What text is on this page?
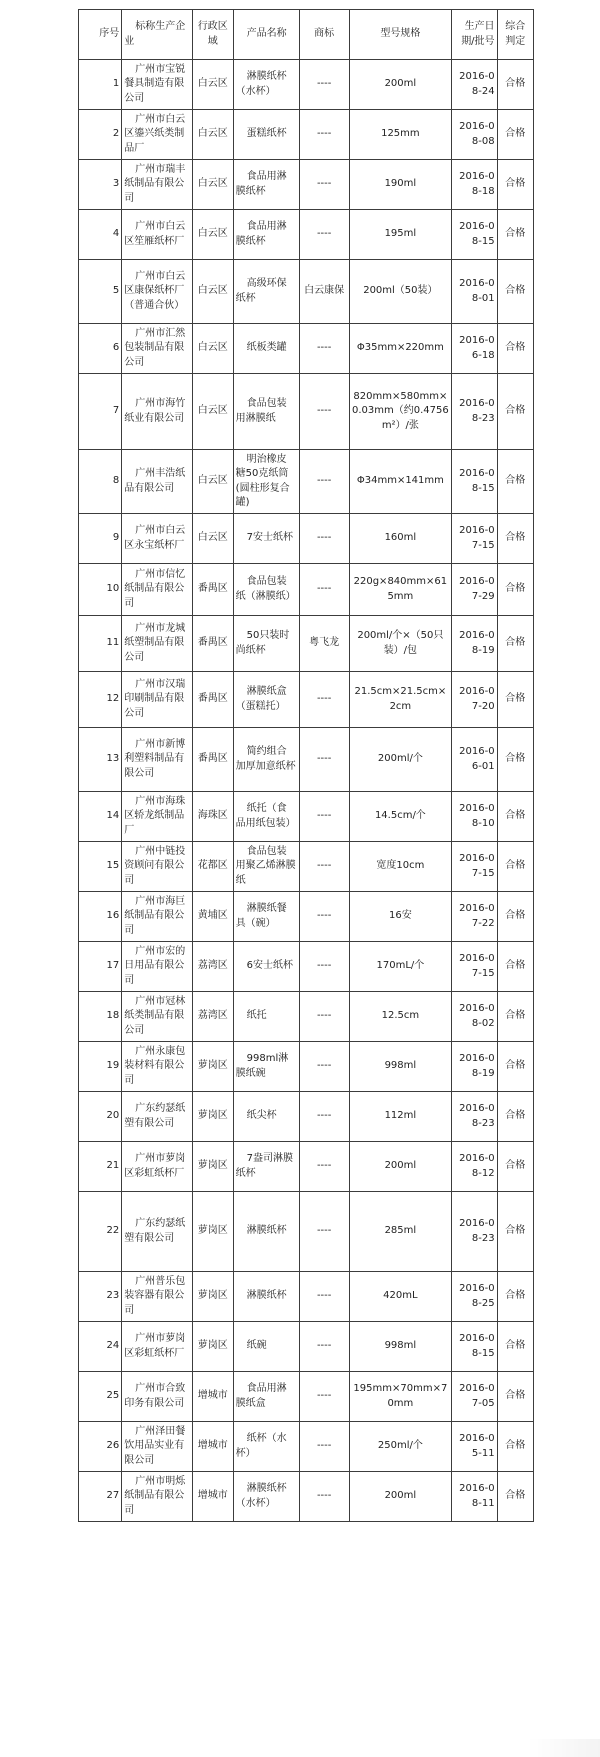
序号	标称生产企业	行政区域	产品名称	商标	型号规格	生产日期/批号	综合判定
1	广州市宝锐餐具制造有限公司	白云区	淋膜纸杯（水杯）	----	200ml	2016-08-24	合格
2	广州市白云区鎏兴纸类制品厂	白云区	蛋糕纸杯	----	125mm	2016-08-08	合格
3	广州市瑞丰纸制品有限公司	白云区	食品用淋膜纸杯	----	190ml	2016-08-18	合格
4	广州市白云区笙雁纸杯厂	白云区	食品用淋膜纸杯	----	195ml	2016-08-15	合格
5	广州市白云区康保纸杯厂（普通合伙）	白云区	高级环保纸杯	白云康保	200ml（50装）	2016-08-01	合格
6	广州市汇然包装制品有限公司	白云区	纸板类罐	----	Φ35mm×220mm	2016-06-18	合格
7	广州市海竹纸业有限公司	白云区	食品包装用淋膜纸	----	820mm×580mm×0.03mm（约0.4756m²）/张	2016-08-23	合格
8	广州丰浩纸品有限公司	白云区	明治橡皮糖50克纸筒(圆柱形复合罐)	----	Φ34mm×141mm	2016-08-15	合格
9	广州市白云区永宝纸杯厂	白云区	7安士纸杯	----	160ml	2016-07-15	合格
10	广州市信忆纸制品有限公司	番禺区	食品包装纸（淋膜纸）	----	220g×840mm×615mm	2016-07-29	合格
11	广州市龙城纸塑制品有限公司	番禺区	50只装时尚纸杯	粤飞龙	200ml/个×（50只装）/包	2016-08-19	合格
12	广州市汉瑞印刷制品有限公司	番禺区	淋膜纸盒（蛋糕托）	----	21.5cm×21.5cm×2cm	2016-07-20	合格
13	广州市新博利塑料制品有限公司	番禺区	简约组合加厚加意纸杯	----	200ml/个	2016-06-01	合格
14	广州市海珠区轿龙纸制品厂	海珠区	纸托（食品用纸包装）	----	14.5cm/个	2016-08-10	合格
15	广州中链投资顾问有限公司	花都区	食品包装用聚乙烯淋膜纸	----	宽度10cm	2016-07-15	合格
16	广州市海巨纸制品有限公司	黄埔区	淋膜纸餐具（碗）	----	16安	2016-07-22	合格
17	广州市宏的日用品有限公司	荔湾区	6安士纸杯	----	170mL/个	2016-07-15	合格
18	广州市冠林纸类制品有限公司	荔湾区	纸托	----	12.5cm	2016-08-02	合格
19	广州永康包装材料有限公司	萝岗区	998ml淋膜纸碗	----	998ml	2016-08-19	合格
20	广东约瑟纸塑有限公司	萝岗区	纸尖杯	----	112ml	2016-08-23	合格
21	广州市萝岗区彩虹纸杯厂	萝岗区	7盎司淋膜纸杯	----	200ml	2016-08-12	合格
22	广东约瑟纸塑有限公司	萝岗区	淋膜纸杯	----	285ml	2016-08-23	合格
23	广州普乐包装容器有限公司	萝岗区	淋膜纸杯	----	420mL	2016-08-25	合格
24	广州市萝岗区彩虹纸杯厂	萝岗区	纸碗	----	998ml	2016-08-15	合格
25	广州市合致印务有限公司	增城市	食品用淋膜纸盒	----	195mm×70mm×70mm	2016-07-05	合格
26	广州泽田餐饮用品实业有限公司	增城市	纸杯（水杯）	----	250ml/个	2016-05-11	合格
27	广州市明烁纸制品有限公司	增城市	淋膜纸杯（水杯）	----	200ml	2016-08-11	合格
